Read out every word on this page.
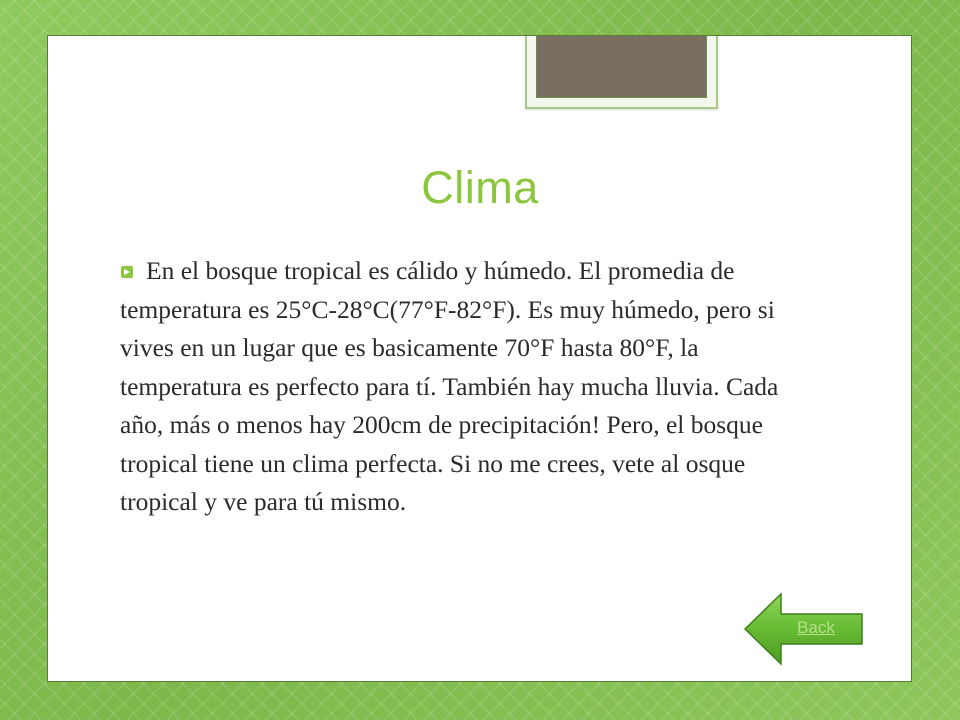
Clima

En el bosque tropical es cálido y húmedo. El promedia de temperatura es 25°C-28°C(77°F-82°F). Es muy húmedo, pero si vives en un lugar que es basicamente 70°F hasta 80°F, la temperatura es perfecto para tí. También hay mucha lluvia. Cada año, más o menos hay 200cm de precipitación! Pero, el bosque tropical tiene un clima perfecta. Si no me crees, vete al osque tropical y ve para tú mismo.

Back
